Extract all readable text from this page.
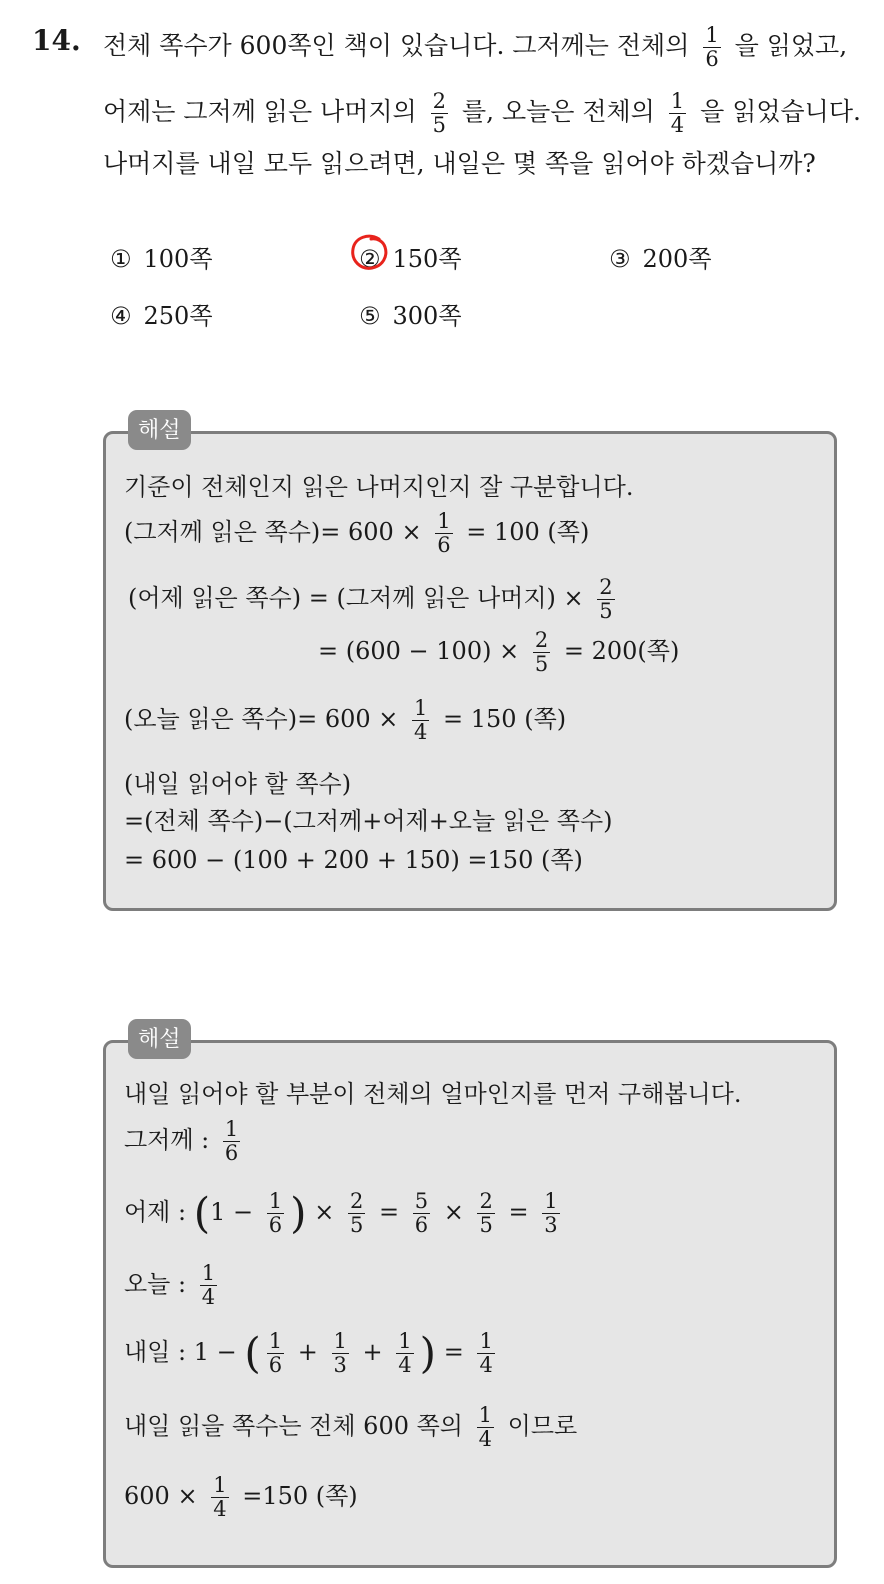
14. 전체 쪽수가 600쪽인 책이 있습니다. 그저께는 전체의 $\frac{1}{6}$ 을 읽었고,
어제는 그저께 읽은 나머지의 $\frac{2}{5}$ 를, 오늘은 전체의 $\frac{1}{4}$ 을 읽었습니다.
나머지를 내일 모두 읽으려면, 내일은 몇 쪽을 읽어야 하겠습니까?
① 100쪽	② 150쪽	③ 200쪽
④ 250쪽	⑤ 300쪽
해설
기준이 전체인지 읽은 나머지인지 잘 구분합니다.
(그저께 읽은 쪽수)= $600 \times \frac{1}{6} = 100$ (쪽)
(어제 읽은 쪽수) = (그저께 읽은 나머지) × $\frac{2}{5}$
= $(600 - 100) \times \frac{2}{5} = 200$(쪽)
(오늘 읽은 쪽수)= $600 \times \frac{1}{4} = 150$ (쪽)
(내일 읽어야 할 쪽수)
=(전체 쪽수)−(그저께+어제+오늘 읽은 쪽수)
= 600 − (100 + 200 + 150) =150 (쪽)
해설
내일 읽어야 할 부분이 전체의 얼마인지를 먼저 구해봅니다.
그저께 : $\frac{1}{6}$
어제 : ($1 - \frac{1}{6}$ ) × $\frac{2}{5} = \frac{5}{6} \times \frac{2}{5} = \frac{1}{3}$
오늘 : $\frac{1}{4}$
내일 : 1 − ( $\frac{1}{6} + \frac{1}{3} + \frac{1}{4}$ ) = $\frac{1}{4}$
내일 읽을 쪽수는 전체 600 쪽의 $\frac{1}{4}$ 이므로
$600 \times \frac{1}{4} =150$ (쪽)
